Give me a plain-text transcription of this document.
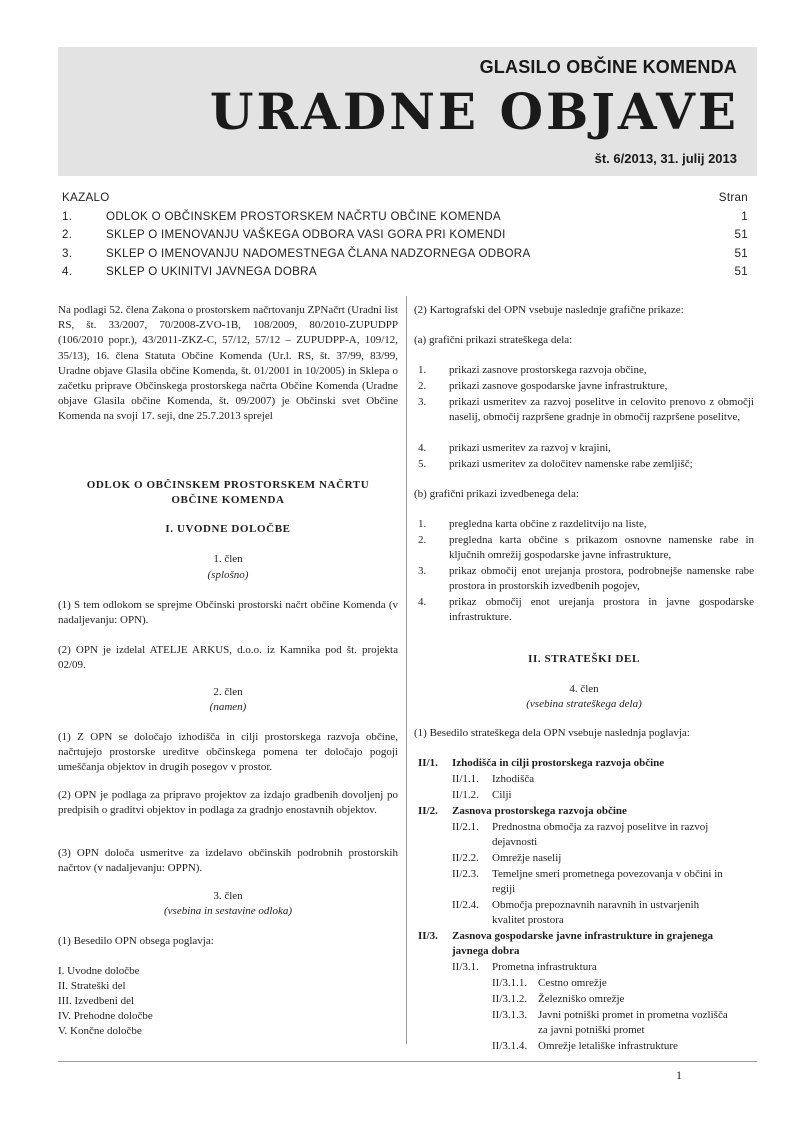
GLASILO OBČINE KOMENDA
URADNE OBJAVE
št. 6/2013, 31. julij 2013
KAZALO	Stran
1.	ODLOK O OBČINSKEM PROSTORSKEM NAČRTU OBČINE KOMENDA	1
2.	SKLEP O IMENOVANJU VAŠKEGA ODBORA VASI GORA PRI KOMENDI	51
3.	SKLEP O IMENOVANJU NADOMESTNEGA ČLANA NADZORNEGA ODBORA	51
4.	SKLEP O UKINITVI JAVNEGA DOBRA	51
Na podlagi 52. člena Zakona o prostorskem načrtovanju ZPNačrt (Uradni list RS, št. 33/2007, 70/2008-ZVO-1B, 108/2009, 80/2010-ZUPUDPP (106/2010 popr.), 43/2011-ZKZ-C, 57/12, 57/12 – ZUPUDPP-A, 109/12, 35/13), 16. člena Statuta Občine Komenda (Ur.l. RS, št. 37/99, 83/99, Uradne objave Glasila občine Komenda, št. 01/2001 in 10/2005) in Sklepa o začetku priprave Občinskega prostorskega načrta Občine Komenda (Uradne objave Glasila občine Komenda, št. 09/2007) je Občinski svet Občine Komenda na svoji 17. seji, dne 25.7.2013 sprejel
ODLOK O OBČINSKEM PROSTORSKEM NAČRTU
OBČINE KOMENDA
I. UVODNE DOLOČBE
1. člen
(splošno)
(1) S tem odlokom se sprejme Občinski prostorski načrt občine Komenda (v nadaljevanju: OPN).
(2) OPN je izdelal ATELJE ARKUS, d.o.o. iz Kamnika pod št. projekta 02/09.
2. člen
(namen)
(1) Z OPN se določajo izhodišča in cilji prostorskega razvoja občine, načrtujejo prostorske ureditve občinskega pomena ter določajo pogoji umeščanja objektov in drugih posegov v prostor.
(2) OPN je podlaga za pripravo projektov za izdajo gradbenih dovoljenj po predpisih o graditvi objektov in podlaga za gradnjo enostavnih objektov.
(3) OPN določa usmeritve za izdelavo občinskih podrobnih prostorskih načrtov (v nadaljevanju: OPPN).
3. člen
(vsebina in sestavine odloka)
(1) Besedilo OPN obsega poglavja:
I. Uvodne določbe
II. Strateški del
III. Izvedbeni del
IV. Prehodne določbe
V. Končne določbe
(2) Kartografski del OPN vsebuje naslednje grafične prikaze:
(a) grafični prikazi strateškega dela:
1. prikazi zasnove prostorskega razvoja občine,
2. prikazi zasnove gospodarske javne infrastrukture,
3. prikazi usmeritev za razvoj poselitve in celovito prenovo z območji naselij, območij razpršene gradnje in območij razpršene poselitve,
4. prikazi usmeritev za razvoj v krajini,
5. prikazi usmeritev za določitev namenske rabe zemljišč;
(b) grafični prikazi izvedbenega dela:
1. pregledna karta občine z razdelitvijo na liste,
2. pregledna karta občine s prikazom osnovne namenske rabe in ključnih omrežij gospodarske javne infrastrukture,
3. prikaz območij enot urejanja prostora, podrobnejše namenske rabe prostora in prostorskih izvedbenih pogojev,
4. prikaz območij enot urejanja prostora in javne gospodarske infrastrukture.
II. STRATEŠKI DEL
4. člen
(vsebina strateškega dela)
(1) Besedilo strateškega dela OPN vsebuje naslednja poglavja:
II/1. Izhodišča in cilji prostorskega razvoja občine
II/1.1. Izhodišča
II/1.2. Cilji
II/2. Zasnova prostorskega razvoja občine
II/2.1. Prednostna območja za razvoj poselitve in razvoj
dejavnosti
II/2.2. Omrežje naselij
II/2.3. Temeljne smeri prometnega povezovanja v občini in
regiji
II/2.4. Območja prepoznavnih naravnih in ustvarjenih
kvalitet prostora
II/3. Zasnova gospodarske javne infrastrukture in grajenega
javnega dobra
II/3.1. Prometna infrastruktura
II/3.1.1. Cestno omrežje
II/3.1.2. Železniško omrežje
II/3.1.3. Javni potniški promet in prometna vozlišča
za javni potniški promet
II/3.1.4. Omrežje letališke infrastrukture
1
